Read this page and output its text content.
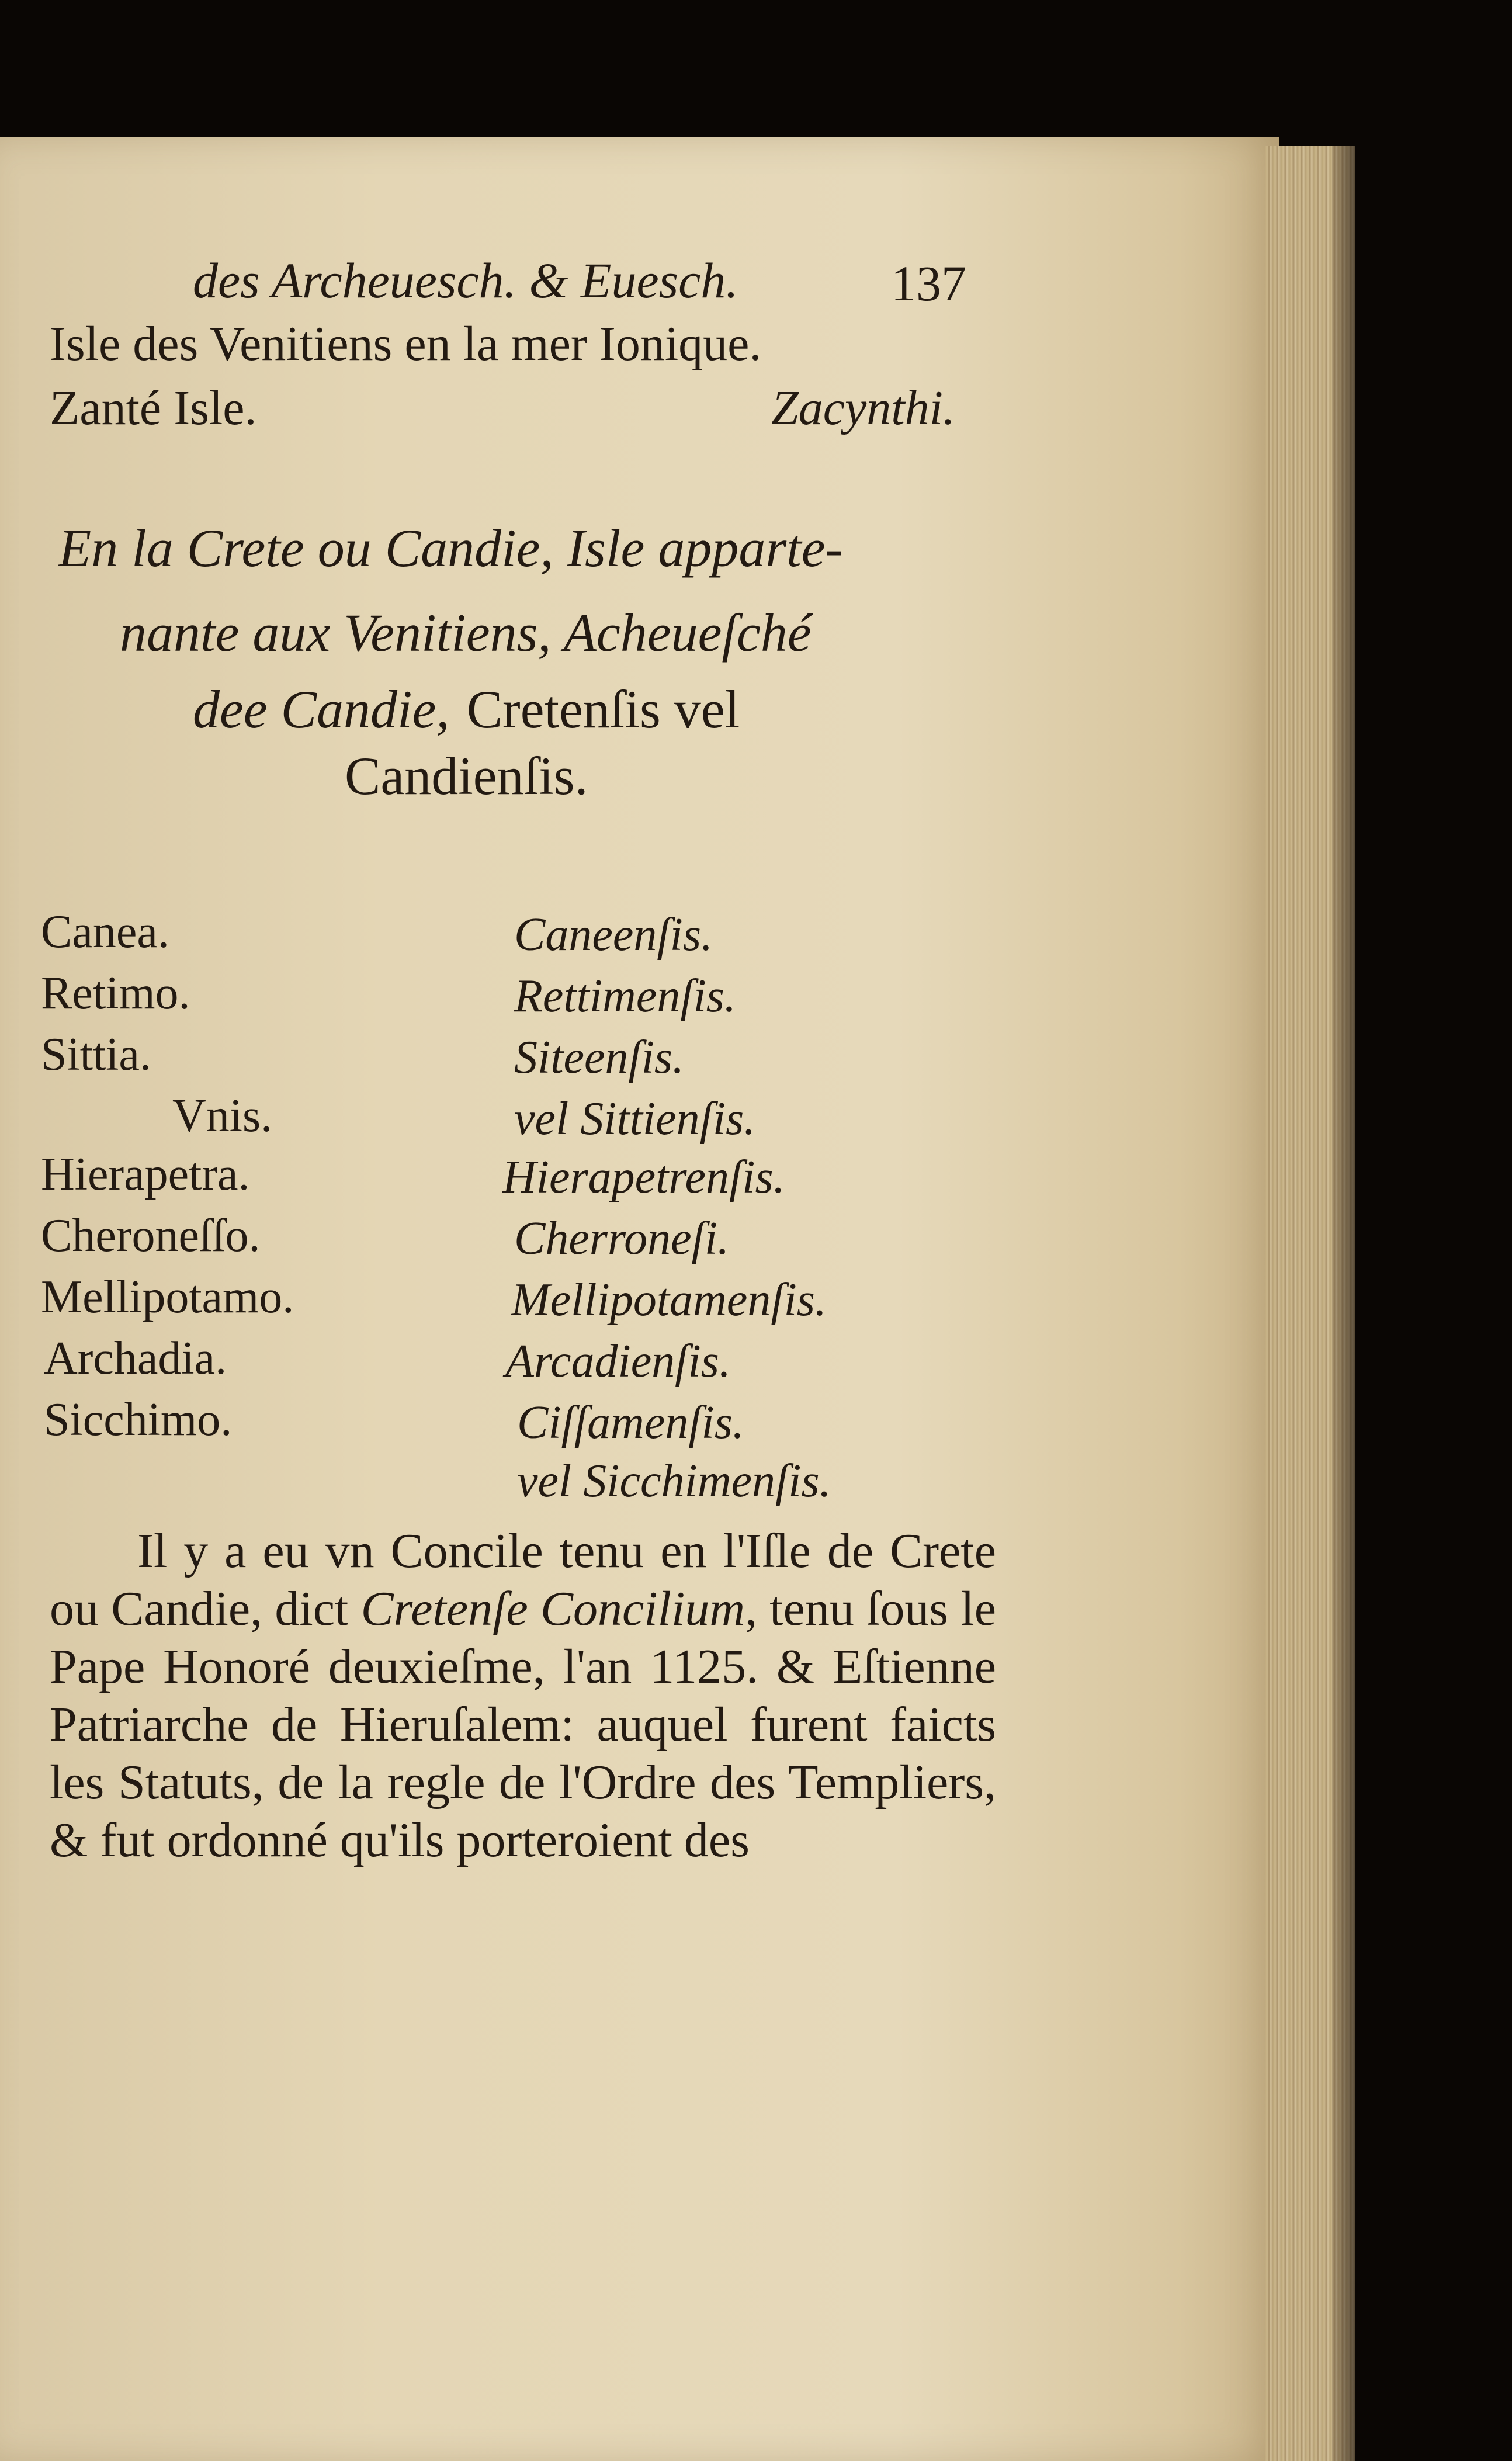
des Archeuesch. & Euesch.	137
Isle des Venitiens en la mer Ionique.
Zanté Isle.	Zacynthi.
En la Crete ou Candie, Isle apparte-
nante aux Venitiens, Acheueſché
dee Candie, Cretenſis vel
Candienſis.
Canea.	Caneenſis.
Retimo.	Rettimenſis.
Sittia.	Siteenſis.
Vnis.	vel Sittienſis.
Hierapetra.	Hierapetrenſis.
Cheroneſſo.	Cherroneſi.
Mellipotamo.	Mellipotamenſis.
Archadia.	Arcadienſis.
Sicchimo.	Ciſſamenſis.
vel Sicchimenſis.
Il y a eu vn Concile tenu en l'Iſle de Crete ou Candie, dict Cretenſe Concilium, tenu ſous le Pape Honoré deuxieſme, l'an 1125. & Eſtienne Patriarche de Hieruſalem: auquel furent faicts les Statuts, de la regle de l'Ordre des Templiers, & fut ordonné qu'ils porteroient des
